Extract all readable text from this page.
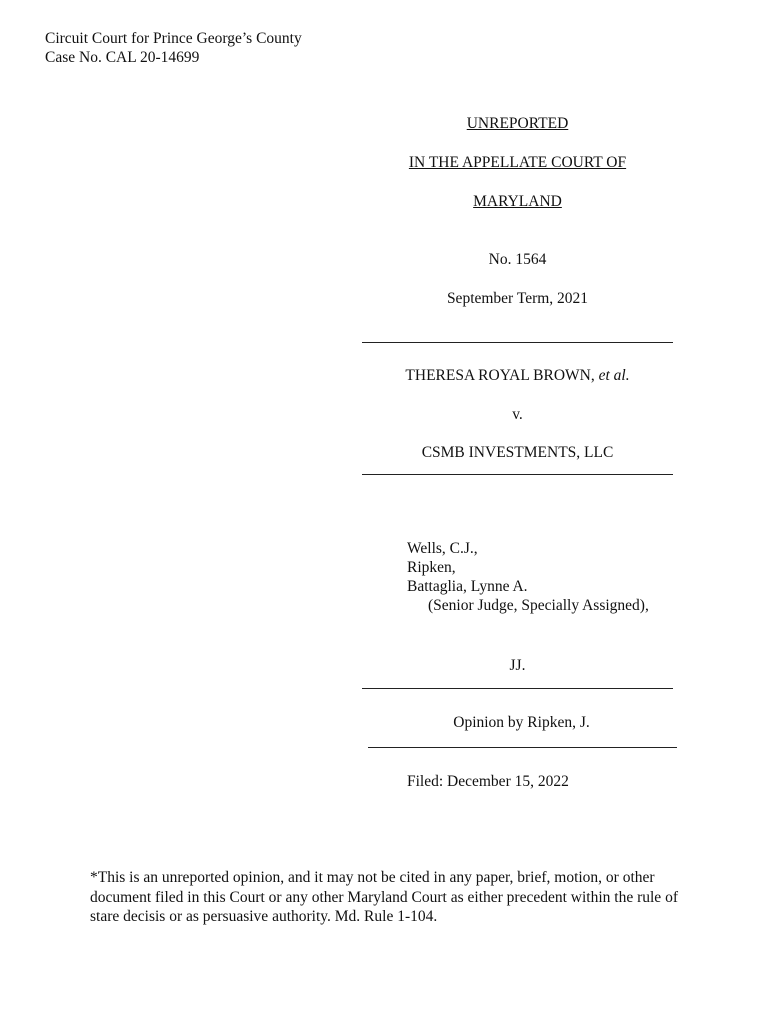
Circuit Court for Prince George’s County
Case No. CAL 20-14699
UNREPORTED
IN THE APPELLATE COURT OF
MARYLAND
No. 1564
September Term, 2021
THERESA ROYAL BROWN, et al.
v.
CSMB INVESTMENTS, LLC
Wells, C.J.,
Ripken,
Battaglia, Lynne A.
(Senior Judge, Specially Assigned),
JJ.
Opinion by Ripken, J.
Filed: December 15, 2022
*This is an unreported opinion, and it may not be cited in any paper, brief, motion, or other document filed in this Court or any other Maryland Court as either precedent within the rule of stare decisis or as persuasive authority. Md. Rule 1-104.
